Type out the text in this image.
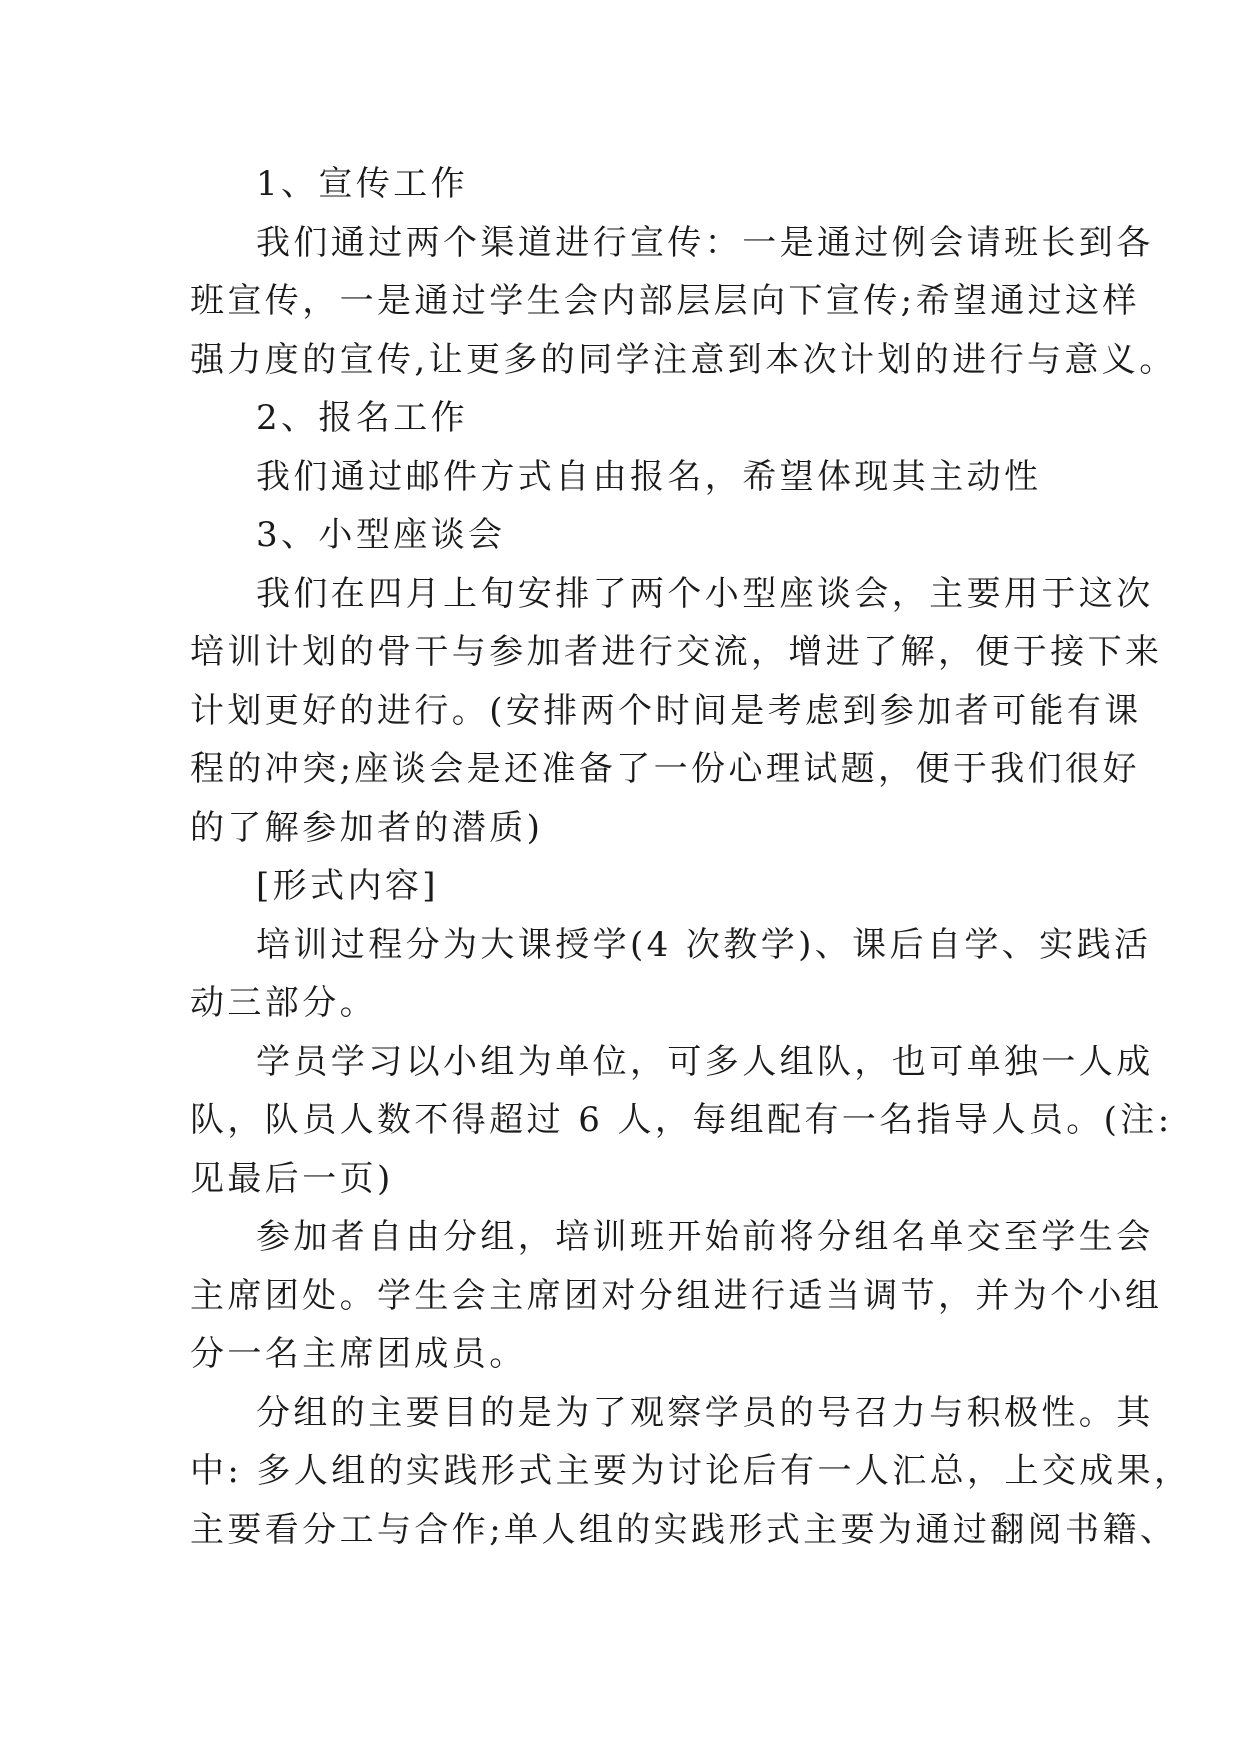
1、宣传工作
我们通过两个渠道进行宣传：一是通过例会请班长到各
班宣传，一是通过学生会内部层层向下宣传;希望通过这样
强力度的宣传,让更多的同学注意到本次计划的进行与意义。
2、报名工作
我们通过邮件方式自由报名，希望体现其主动性
3、小型座谈会
我们在四月上旬安排了两个小型座谈会，主要用于这次
培训计划的骨干与参加者进行交流，增进了解，便于接下来
计划更好的进行。(安排两个时间是考虑到参加者可能有课
程的冲突;座谈会是还准备了一份心理试题，便于我们很好
的了解参加者的潜质)
[形式内容]
培训过程分为大课授学(4 次教学)、课后自学、实践活
动三部分。
学员学习以小组为单位，可多人组队，也可单独一人成
队，队员人数不得超过 6 人，每组配有一名指导人员。(注:
见最后一页)
参加者自由分组，培训班开始前将分组名单交至学生会
主席团处。学生会主席团对分组进行适当调节，并为个小组
分一名主席团成员。
分组的主要目的是为了观察学员的号召力与积极性。其
中: 多人组的实践形式主要为讨论后有一人汇总，上交成果，
主要看分工与合作;单人组的实践形式主要为通过翻阅书籍、
